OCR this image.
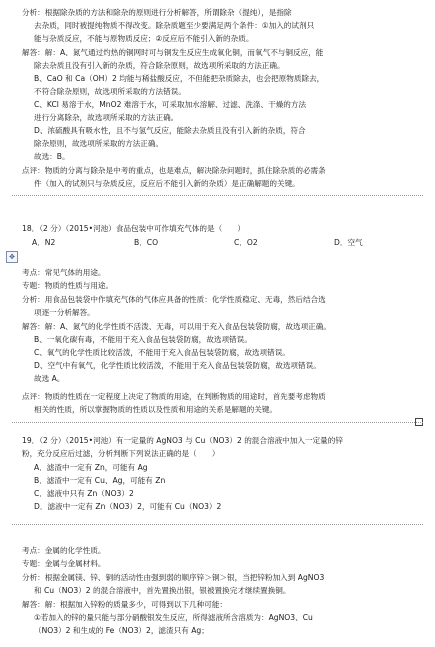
分析：根据除杂质的方法和除杂的原则进行分析解答，所谓除杂（提纯），是指除
去杂质，同时被提纯物质不得改变。除杂质题至少要满足两个条件：①加入的试剂只
能与杂质反应，不能与原物质反应；②反应后不能引入新的杂质。
解答：解：A、氮气通过灼热的铜网时可与铜发生反应生成氧化铜，而氧气不与铜反应，能
除去杂质且没有引入新的杂质，符合除杂原则，故选项所采取的方法正确。
B、CaO 和 Ca（OH）2 均能与稀盐酸反应，不但能把杂质除去，也会把原物质除去，
不符合除杂原则，故选项所采取的方法错误。
C、KCl 易溶于水，MnO2 难溶于水，可采取加水溶解、过滤、洗涤、干燥的方法
进行分离除杂，故选项所采取的方法正确。
D、浓硫酸具有吸水性，且不与氢气反应，能除去杂质且没有引入新的杂质，符合
除杂原则，故选项所采取的方法正确。
故选：B。
点评：物质的分离与除杂是中考的重点，也是难点，解决除杂问题时，抓住除杂质的必需条
件（加入的试剂只与杂质反应，反应后不能引入新的杂质）是正确解题的关键。
18．（2 分）（2015•河池）食品包装中可作填充气体的是（　　）
A．N2	B．CO	C．O2	D．空气
✥
考点：常见气体的用途。
专题：物质的性质与用途。
分析：用食品包装袋中作填充气体的气体应具备的性质：化学性质稳定、无毒，然后结合选
项逐一分析解答。
解答：解：A、氮气的化学性质不活泼、无毒，可以用于充入食品包装袋防腐，故选项正确。
B、一氧化碳有毒，不能用于充入食品包装袋防腐，故选项错误。
C、氧气的化学性质比较活泼，不能用于充入食品包装袋防腐，故选项错误。
D、空气中有氧气，化学性质比较活泼，不能用于充入食品包装袋防腐，故选项错误。
故选 A。
点评：物质的性质在一定程度上决定了物质的用途，在判断物质的用途时，首先要考虑物质
相关的性质，所以掌握物质的性质以及性质和用途的关系是解题的关键。
19．（2 分）（2015•河池）有一定量的 AgNO3 与 Cu（NO3）2 的混合溶液中加入一定量的锌
粉，充分反应后过滤，分析判断下列说法正确的是（　　）
A．滤渣中一定有 Zn，可能有 Ag
B．滤渣中一定有 Cu、Ag，可能有 Zn
C．滤液中只有 Zn（NO3）2
D．滤液中一定有 Zn（NO3）2，可能有 Cu（NO3）2
考点：金属的化学性质。
专题：金属与金属材料。
分析：根据金属镁、锌、铜的活动性由强到弱的顺序锌＞铜＞银，当把锌粉加入到 AgNO3
和 Cu（NO3）2 的混合溶液中，首先置换出银，银被置换完才继续置换铜。
解答：解：根据加入锌粉的质量多少，可得到以下几种可能：
①若加入的锌的量只能与部分硝酸银发生反应，所得滤液所含溶质为：AgNO3、Cu
（NO3）2 和生成的 Fe（NO3）2，滤渣只有 Ag；
